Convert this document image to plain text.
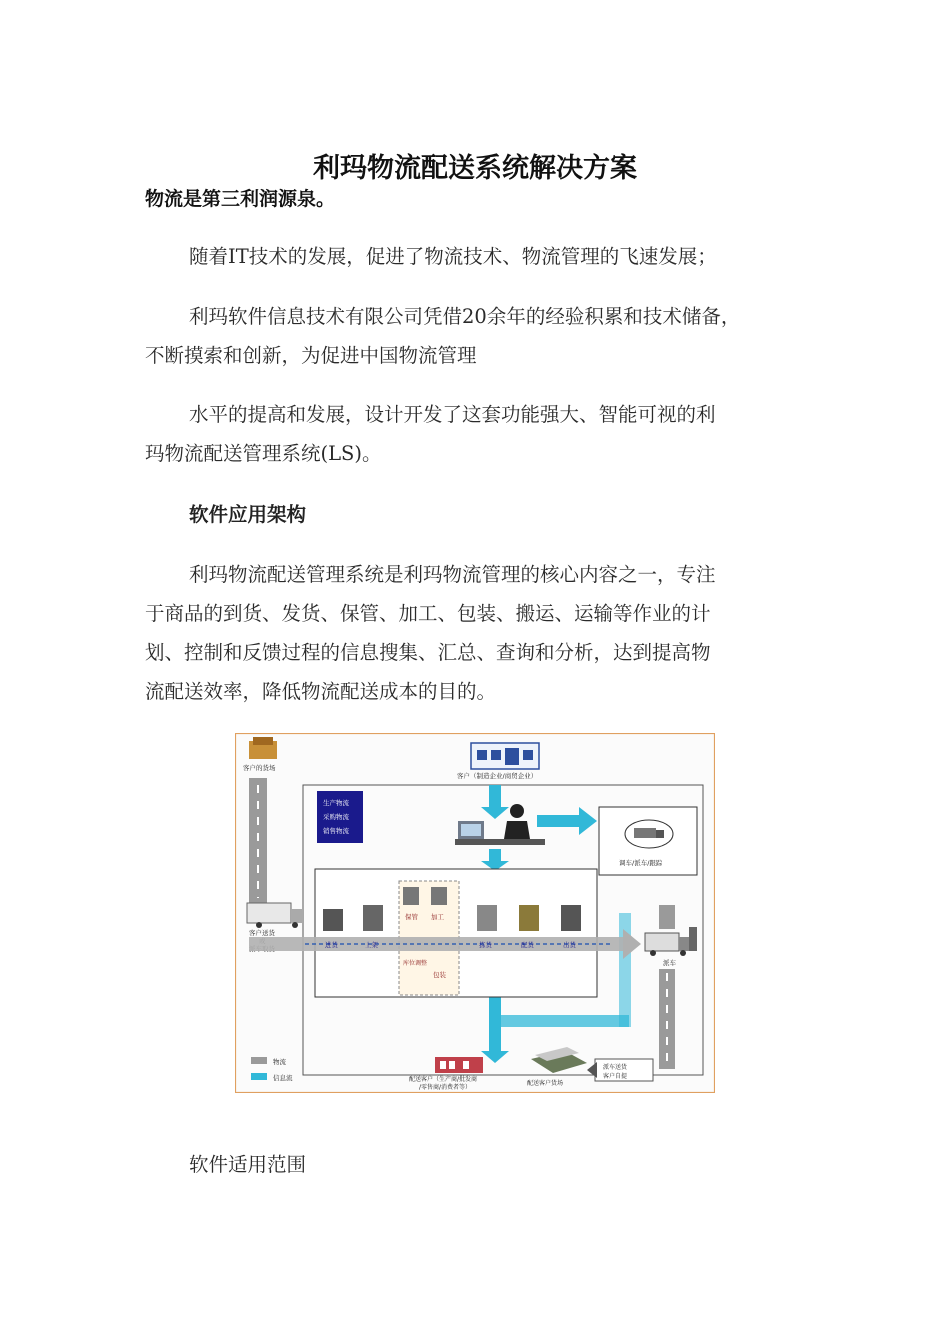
利玛物流配送系统解决方案
物流是第三利润源泉。
随着IT技术的发展，促进了物流技术、物流管理的飞速发展；
利玛软件信息技术有限公司凭借20余年的经验积累和技术储备，
不断摸索和创新，为促进中国物流管理
水平的提高和发展，设计开发了这套功能强大、智能可视的利
玛物流配送管理系统(LS)。
软件应用架构
利玛物流配送管理系统是利玛物流管理的核心内容之一，专注
于商品的到货、发货、保管、加工、包装、搬运、运输等作业的计
划、控制和反馈过程的信息搜集、汇总、查询和分析，达到提高物
流配送效率，降低物流配送成本的目的。
客户的货场
客户（制造企业/商贸企业）
生产物流
采购物流
销售物流
调车/派车/跟踪
客户送货
进货	上架
保管 加工
库位调整
包装
拣货	配货	出货
派车
配送客户（生产商/批发商
/零售商/消费者等）
配送客户货场
派车送货
客户自提
物流
信息流
软件适用范围
